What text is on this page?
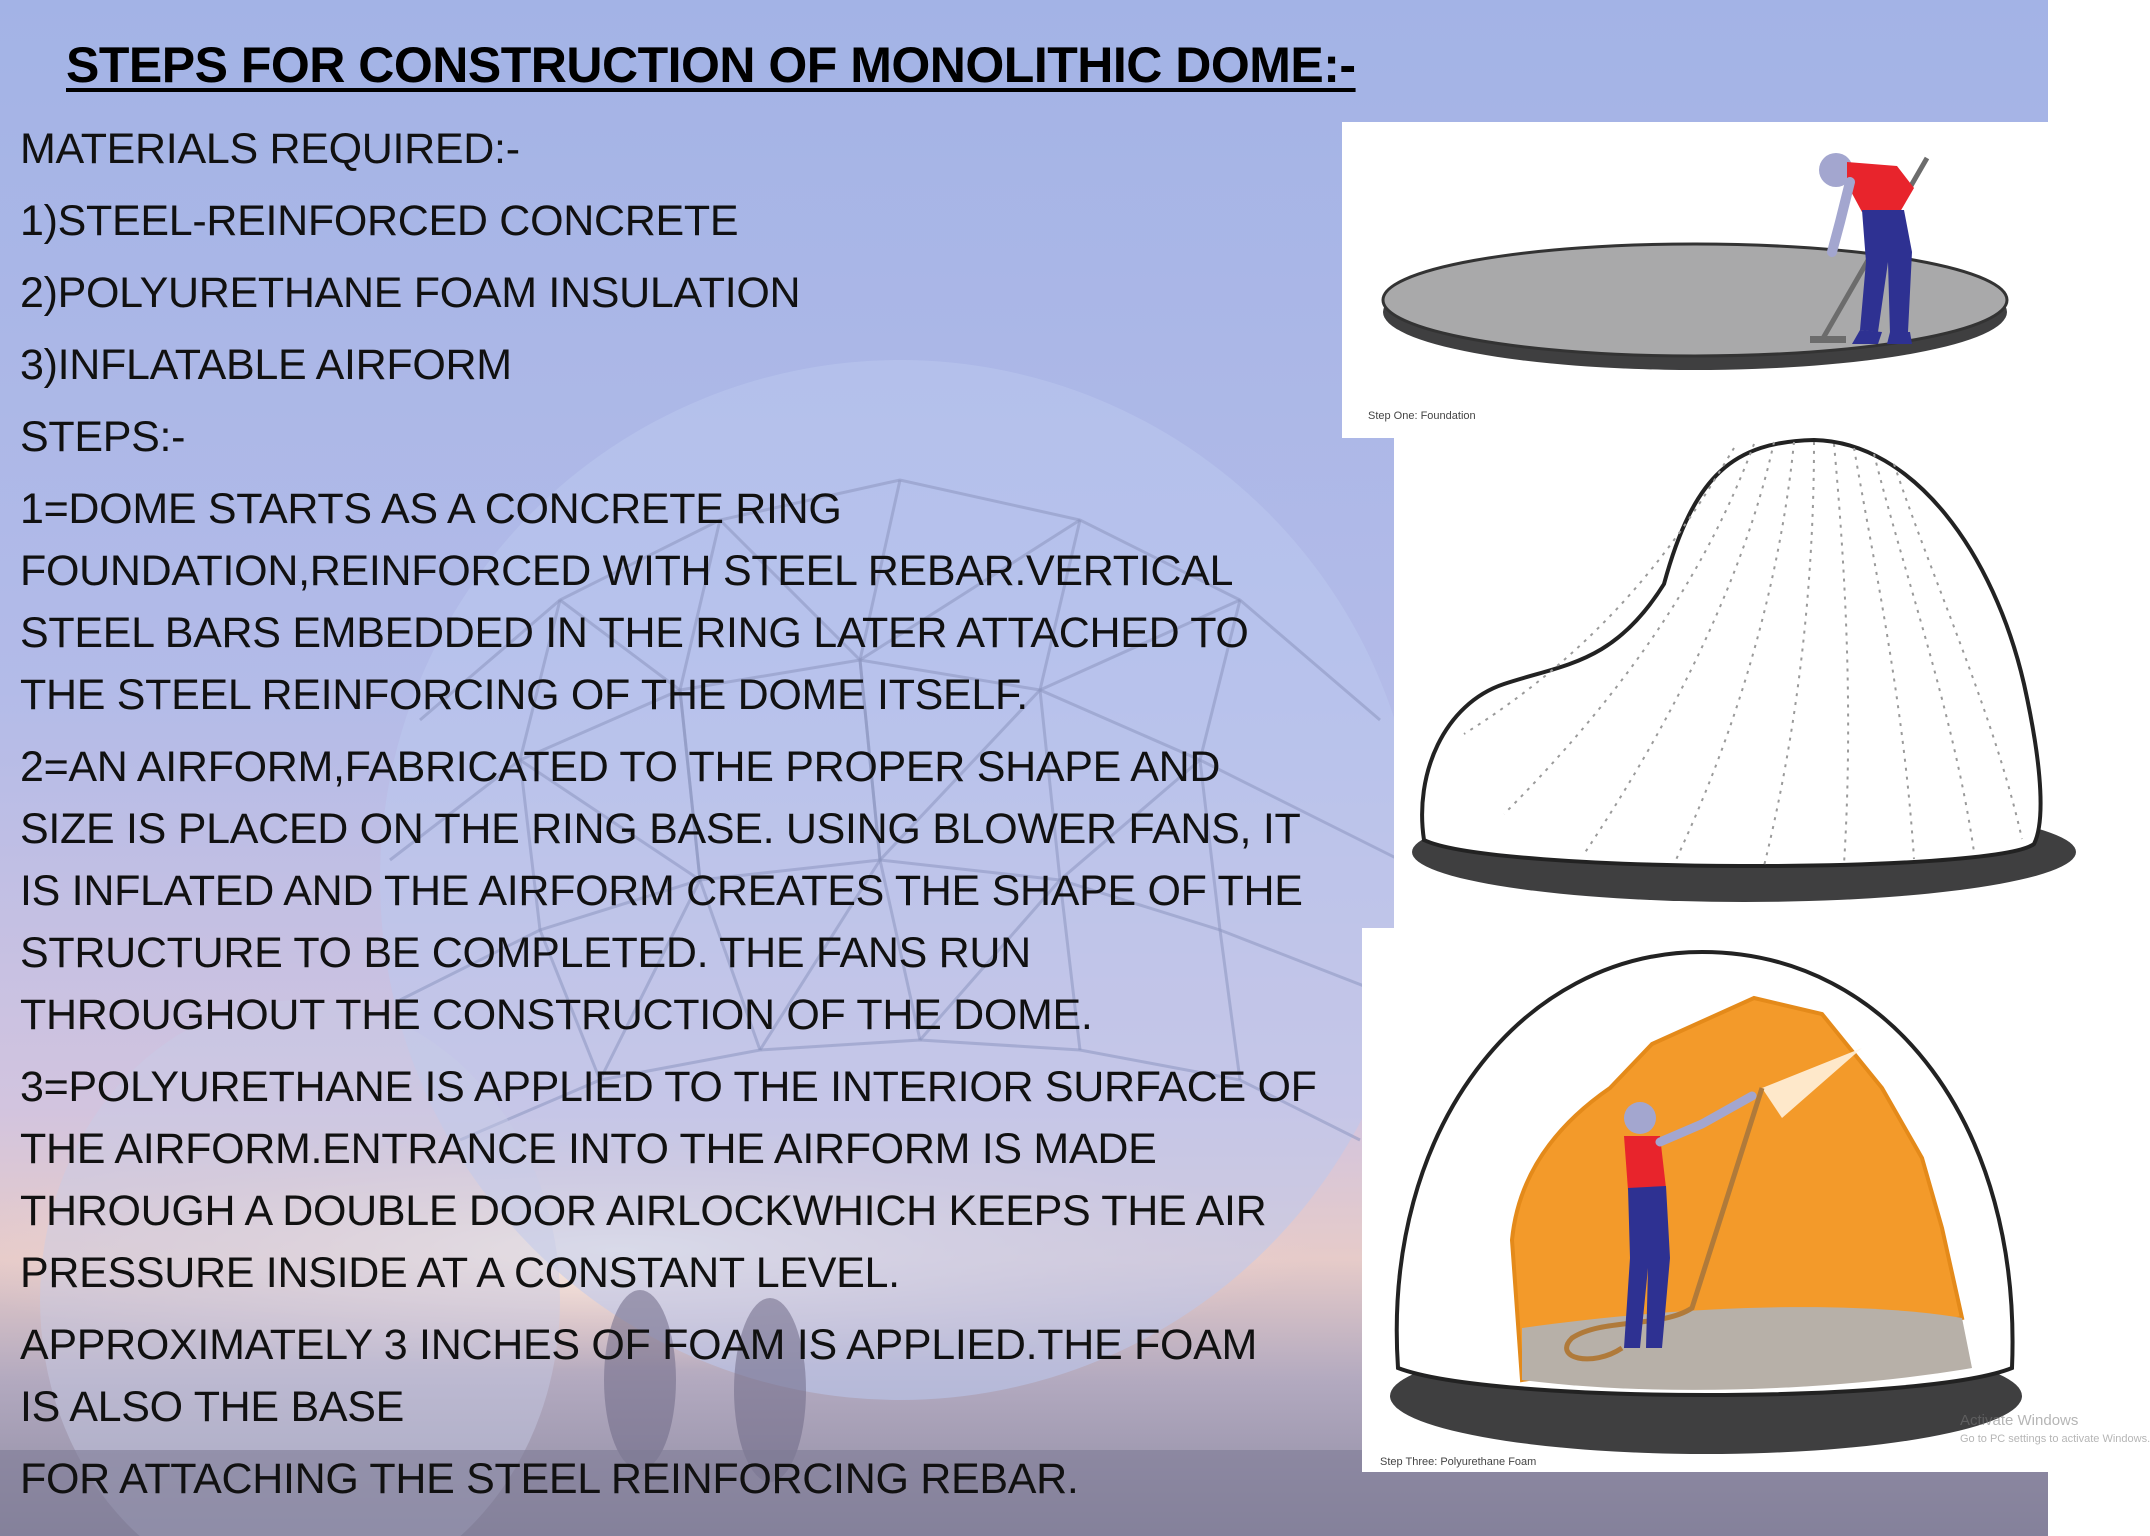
STEPS FOR CONSTRUCTION OF MONOLITHIC DOME:-
MATERIALS REQUIRED:-
1)STEEL-REINFORCED CONCRETE
2)POLYURETHANE FOAM INSULATION
3)INFLATABLE AIRFORM
STEPS:-
1=DOME STARTS AS A CONCRETE RING
FOUNDATION,REINFORCED WITH STEEL REBAR.VERTICAL
STEEL BARS EMBEDDED IN THE RING LATER ATTACHED TO
THE STEEL REINFORCING OF THE DOME ITSELF.
2=AN AIRFORM,FABRICATED TO THE PROPER SHAPE AND
SIZE IS PLACED ON THE RING BASE. USING BLOWER FANS, IT
IS INFLATED AND THE AIRFORM CREATES THE SHAPE OF THE
STRUCTURE TO BE COMPLETED. THE FANS RUN
THROUGHOUT THE CONSTRUCTION OF THE DOME.
3=POLYURETHANE IS APPLIED TO THE INTERIOR SURFACE OF
THE AIRFORM.ENTRANCE INTO THE AIRFORM IS MADE
THROUGH A DOUBLE DOOR AIRLOCKWHICH KEEPS THE AIR
PRESSURE INSIDE AT A CONSTANT LEVEL.
APPROXIMATELY 3 INCHES OF FOAM IS APPLIED.THE FOAM
IS ALSO THE BASE
FOR ATTACHING THE STEEL REINFORCING REBAR.
Step One: Foundation
Step Three: Polyurethane Foam
Activate Windows
Go to PC settings to activate Windows.
